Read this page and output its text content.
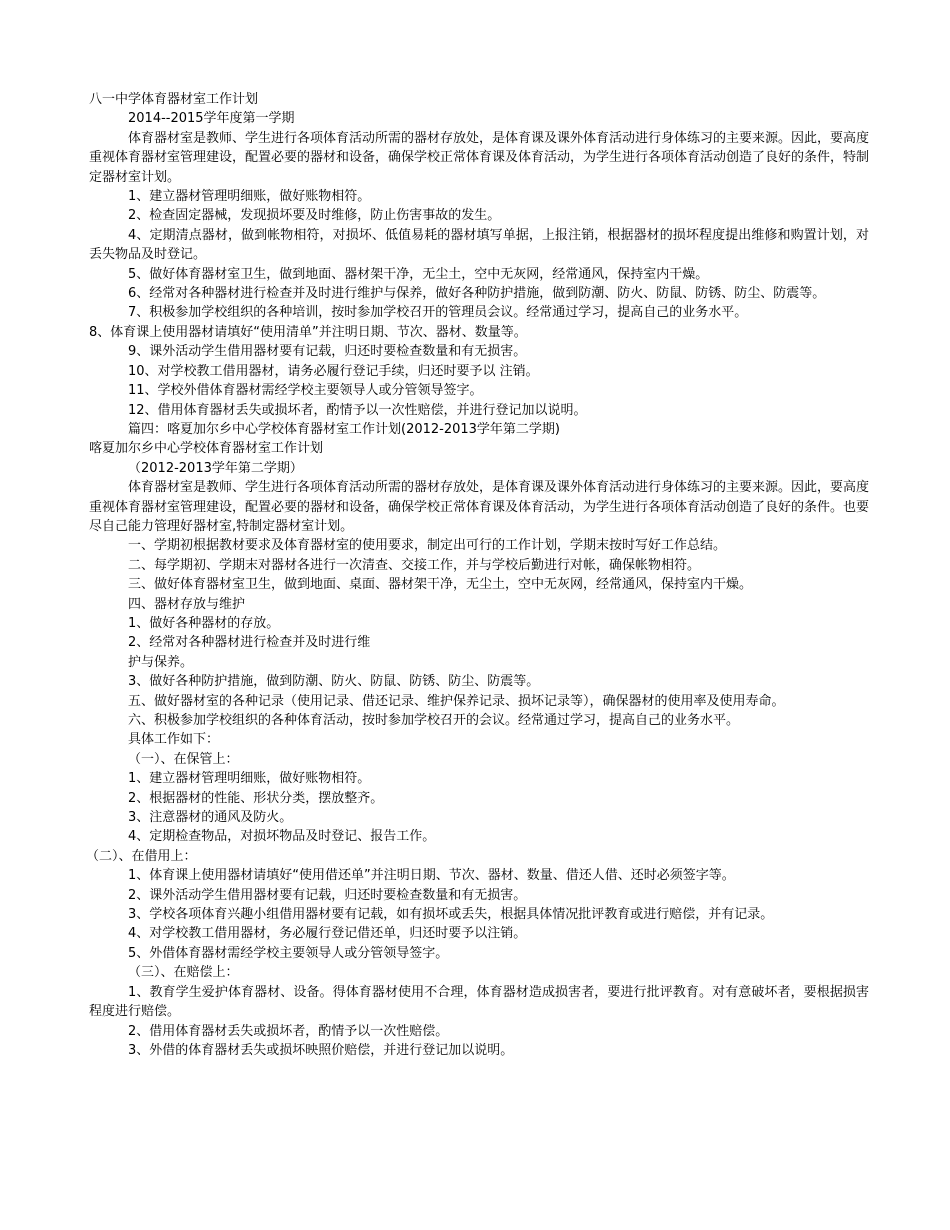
八一中学体育器材室工作计划

2014--2015学年度第一学期

体育器材室是教师、学生进行各项体育活动所需的器材存放处，是体育课及课外体育活动进行身体练习的主要来源。因此，要高度重视体育器材室管理建设，配置必要的器材和设备，确保学校正常体育课及体育活动，为学生进行各项体育活动创造了良好的条件，特制定器材室计划。

1、建立器材管理明细账，做好账物相符。

2、检查固定器械，发现损坏要及时维修，防止伤害事故的发生。

4、定期清点器材，做到帐物相符，对损坏、低值易耗的器材填写单据，上报注销，根据器材的损坏程度提出维修和购置计划，对丢失物品及时登记。

5、做好体育器材室卫生，做到地面、器材架干净，无尘土，空中无灰网，经常通风，保持室内干燥。

6、经常对各种器材进行检查并及时进行维护与保养，做好各种防护措施，做到防潮、防火、防鼠、防锈、防尘、防震等。

7、积极参加学校组织的各种培训，按时参加学校召开的管理员会议。经常通过学习，提高自己的业务水平。

8、体育课上使用器材请填好“使用清单”并注明日期、节次、器材、数量等。

9、课外活动学生借用器材要有记载，归还时要检查数量和有无损害。

10、对学校教工借用器材，请务必履行登记手续，归还时要予以 注销。

11、学校外借体育器材需经学校主要领导人或分管领导签字。

12、借用体育器材丢失或损坏者，酌情予以一次性赔偿，并进行登记加以说明。

篇四：喀夏加尔乡中心学校体育器材室工作计划(2012-2013学年第二学期)

喀夏加尔乡中心学校体育器材室工作计划

（2012-2013学年第二学期）

体育器材室是教师、学生进行各项体育活动所需的器材存放处，是体育课及课外体育活动进行身体练习的主要来源。因此，要高度重视体育器材室管理建设，配置必要的器材和设备，确保学校正常体育课及体育活动，为学生进行各项体育活动创造了良好的条件。也要尽自己能力管理好器材室,特制定器材室计划。

一、学期初根据教材要求及体育器材室的使用要求，制定出可行的工作计划，学期末按时写好工作总结。

二、每学期初、学期末对器材各进行一次清查、交接工作，并与学校后勤进行对帐，确保帐物相符。

三、做好体育器材室卫生，做到地面、桌面、器材架干净，无尘土，空中无灰网，经常通风，保持室内干燥。

四、器材存放与维护

1、做好各种器材的存放。

2、经常对各种器材进行检查并及时进行维

护与保养。

3、做好各种防护措施，做到防潮、防火、防鼠、防锈、防尘、防震等。

五、做好器材室的各种记录（使用记录、借还记录、维护保养记录、损坏记录等），确保器材的使用率及使用寿命。

六、积极参加学校组织的各种体育活动，按时参加学校召开的会议。经常通过学习，提高自己的业务水平。

具体工作如下：

（一）、在保管上：

1、建立器材管理明细账，做好账物相符。

2、根据器材的性能、形状分类，摆放整齐。

3、注意器材的通风及防火。

4、定期检查物品，对损坏物品及时登记、报告工作。

（二）、在借用上：

1、体育课上使用器材请填好“使用借还单”并注明日期、节次、器材、数量、借还人借、还时必须签字等。

2、课外活动学生借用器材要有记载，归还时要检查数量和有无损害。

3、学校各项体育兴趣小组借用器材要有记载，如有损坏或丢失，根据具体情况批评教育或进行赔偿，并有记录。

4、对学校教工借用器材，务必履行登记借还单，归还时要予以注销。

5、外借体育器材需经学校主要领导人或分管领导签字。

（三）、在赔偿上：

1、教育学生爱护体育器材、设备。得体育器材使用不合理，体育器材造成损害者，要进行批评教育。对有意破坏者，要根据损害程度进行赔偿。

2、借用体育器材丢失或损坏者，酌情予以一次性赔偿。

3、外借的体育器材丢失或损坏映照价赔偿，并进行登记加以说明。
